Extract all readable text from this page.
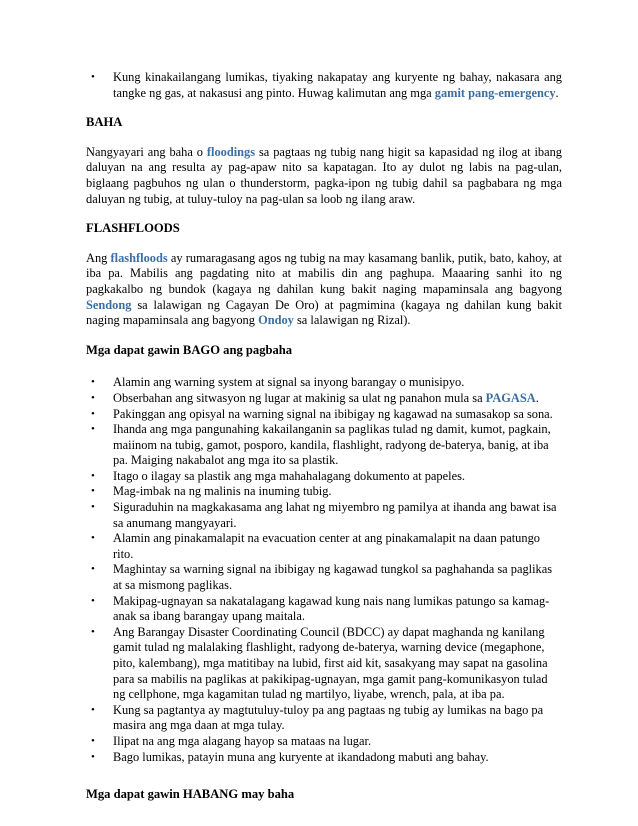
• Kung kinakailangang lumikas, tiyaking nakapatay ang kuryente ng bahay, nakasara ang tangke ng gas, at nakasusi ang pinto. Huwag kalimutan ang mga gamit pang-emergency.
BAHA

Nangyayari ang baha o floodings sa pagtaas ng tubig nang higit sa kapasidad ng ilog at ibang daluyan na ang resulta ay pag-apaw nito sa kapatagan. Ito ay dulot ng labis na pag-ulan, biglaang pagbuhos ng ulan o thunderstorm, pagka-ipon ng tubig dahil sa pagbabara ng mga daluyan ng tubig, at tuluy-tuloy na pag-ulan sa loob ng ilang araw.

FLASHFLOODS

Ang flashfloods ay rumaragasang agos ng tubig na may kasamang banlik, putik, bato, kahoy, at iba pa. Mabilis ang pagdating nito at mabilis din ang paghupa. Maaaring sanhi ito ng pagkakalbo ng bundok (kagaya ng dahilan kung bakit naging mapaminsala ang bagyong Sendong sa lalawigan ng Cagayan De Oro) at pagmimina (kagaya ng dahilan kung bakit naging mapaminsala ang bagyong Ondoy sa lalawigan ng Rizal).

Mga dapat gawin BAGO ang pagbaha
• Alamin ang warning system at signal sa inyong barangay o munisipyo.
• Obserbahan ang sitwasyon ng lugar at makinig sa ulat ng panahon mula sa PAGASA.
• Pakinggan ang opisyal na warning signal na ibibigay ng kagawad na sumasakop sa sona.
• Ihanda ang mga pangunahing kakailanganin sa paglikas tulad ng damit, kumot, pagkain, maiinom na tubig, gamot, posporo, kandila, flashlight, radyong de-baterya, banig, at iba pa. Maiging nakabalot ang mga ito sa plastik.
• Itago o ilagay sa plastik ang mga mahahalagang dokumento at papeles.
• Mag-imbak na ng malinis na inuming tubig.
• Siguraduhin na magkakasama ang lahat ng miyembro ng pamilya at ihanda ang bawat isa sa anumang mangyayari.
• Alamin ang pinakamalapit na evacuation center at ang pinakamalapit na daan patungo rito.
• Maghintay sa warning signal na ibibigay ng kagawad tungkol sa paghahanda sa paglikas at sa mismong paglikas.
• Makipag-ugnayan sa nakatalagang kagawad kung nais nang lumikas patungo sa kamag-anak sa ibang barangay upang maitala.
• Ang Barangay Disaster Coordinating Council (BDCC) ay dapat maghanda ng kanilang gamit tulad ng malalaking flashlight, radyong de-baterya, warning device (megaphone, pito, kalembang), mga matitibay na lubid, first aid kit, sasakyang may sapat na gasolina para sa mabilis na paglikas at pakikipag-ugnayan, mga gamit pang-komunikasyon tulad ng cellphone, mga kagamitan tulad ng martilyo, liyabe, wrench, pala, at iba pa.
• Kung sa pagtantya ay magtutuluy-tuloy pa ang pagtaas ng tubig ay lumikas na bago pa masira ang mga daan at mga tulay.
• Ilipat na ang mga alagang hayop sa mataas na lugar.
• Bago lumikas, patayin muna ang kuryente at ikandadong mabuti ang bahay.
Mga dapat gawin HABANG may baha
